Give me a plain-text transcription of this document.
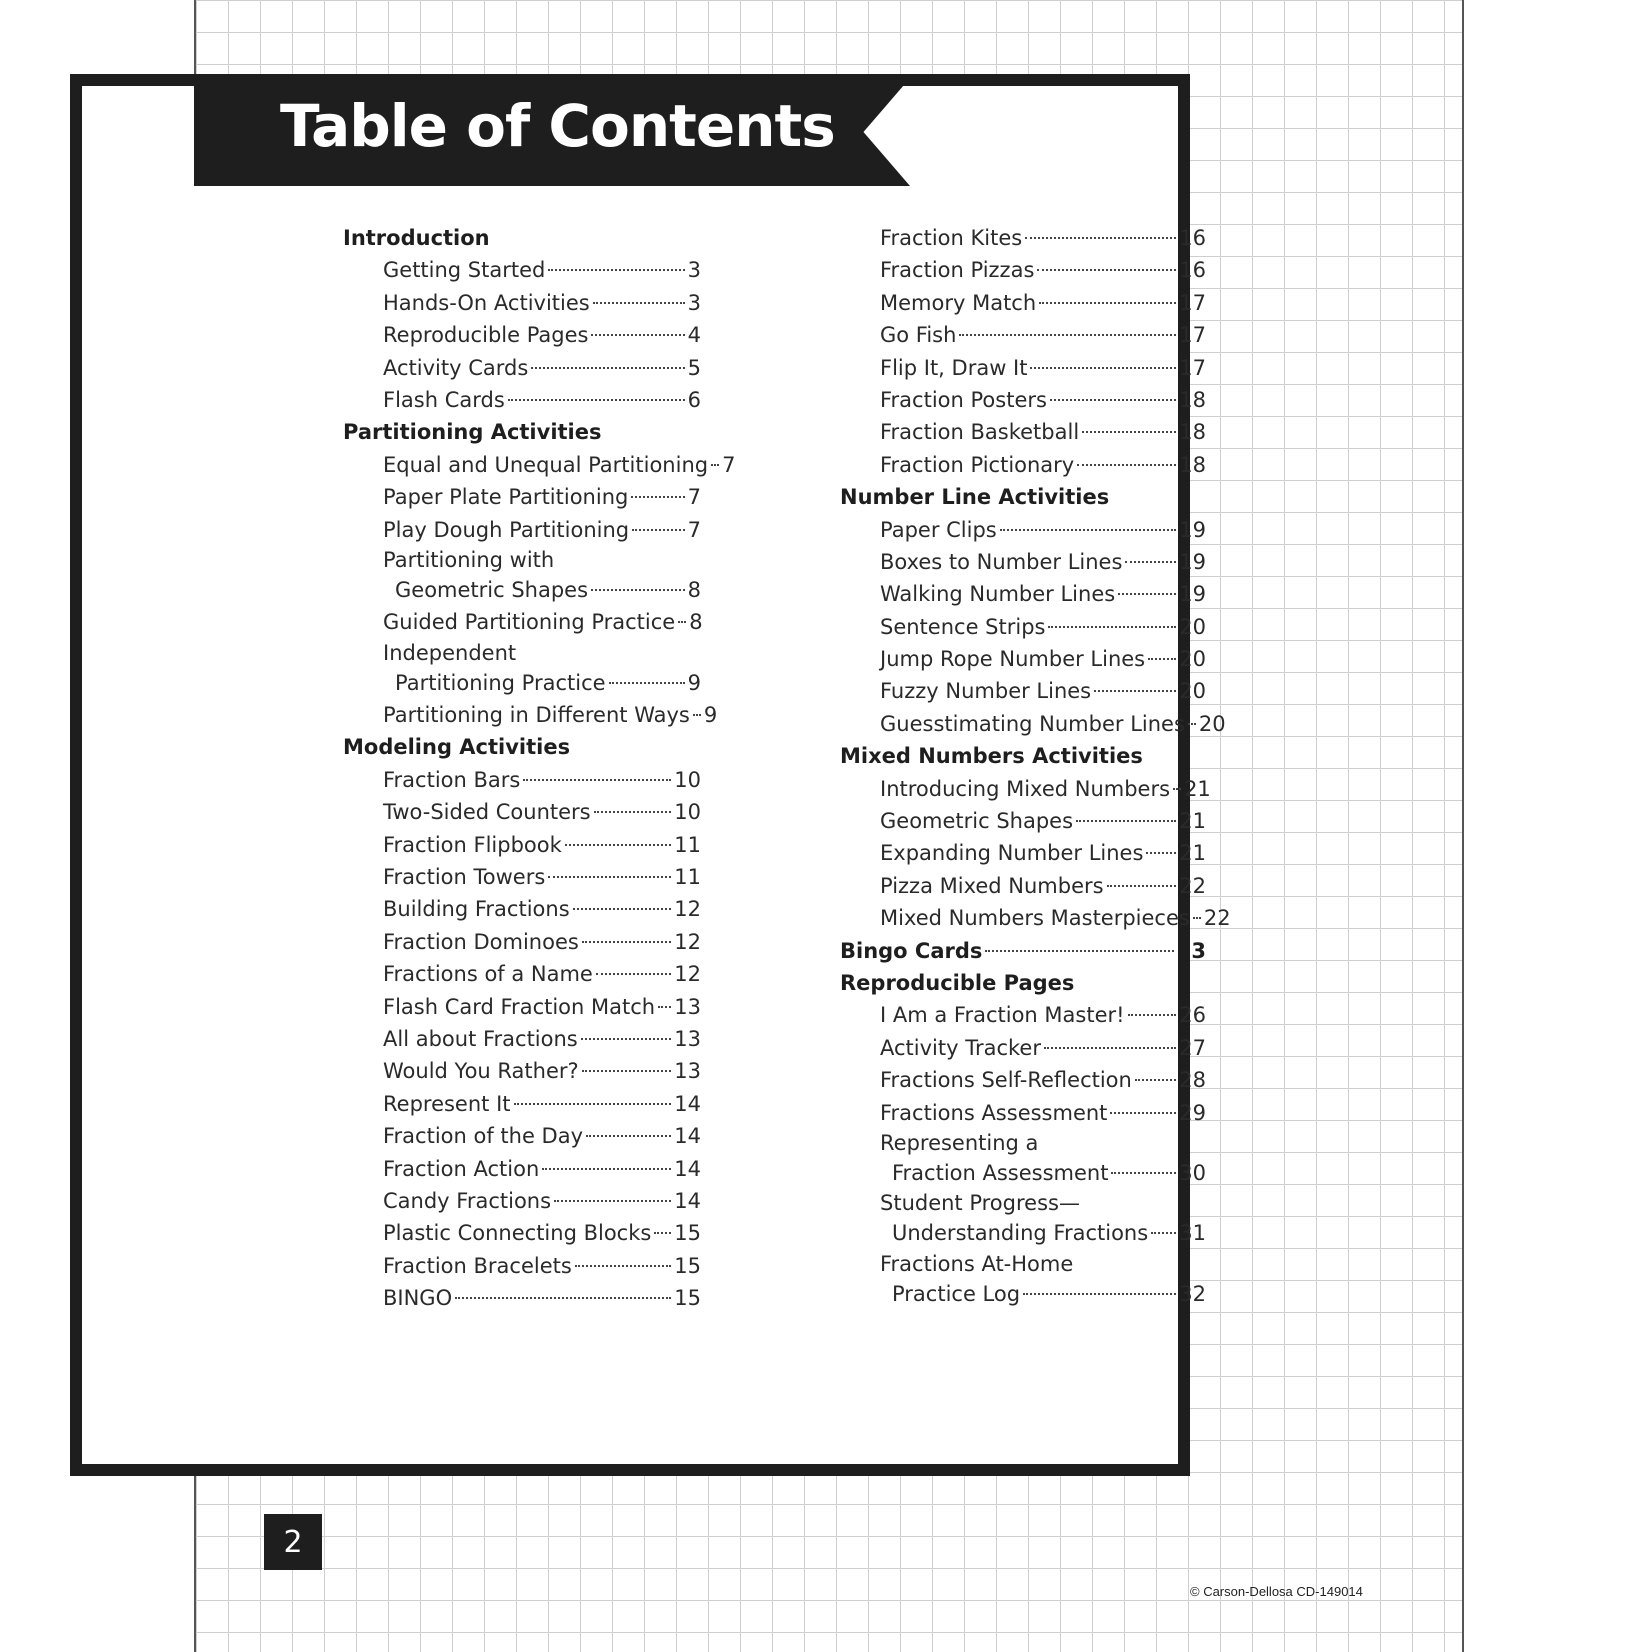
Table of Contents
Introduction
Getting Started	3
Hands-On Activities	3
Reproducible Pages	4
Activity Cards	5
Flash Cards	6
Partitioning Activities
Equal and Unequal Partitioning 7
Paper Plate Partitioning	7
Play Dough Partitioning	7
Partitioning with
Geometric Shapes	8
Guided Partitioning Practice 8
Independent
Partitioning Practice	9
Partitioning in Different Ways 9
Modeling Activities
Fraction Bars	10
Two-Sided Counters	10
Fraction Flipbook	11
Fraction Towers	11
Building Fractions	12
Fraction Dominoes	12
Fractions of a Name	12
Flash Card Fraction Match 13
All about Fractions	13
Would You Rather?	13
Represent It	14
Fraction of the Day	14
Fraction Action	14
Candy Fractions	14
Plastic Connecting Blocks 15
Fraction Bracelets	15
BINGO	15
Fraction Kites	16
Fraction Pizzas	16
Memory Match	17
Go Fish	17
Flip It, Draw It	17
Fraction Posters	18
Fraction Basketball	18
Fraction Pictionary	18
Number Line Activities
Paper Clips	19
Boxes to Number Lines	19
Walking Number Lines	19
Sentence Strips	20
Jump Rope Number Lines 20
Fuzzy Number Lines	20
Guesstimating Number Lines 20
Mixed Numbers Activities
Introducing Mixed Numbers 21
Geometric Shapes	21
Expanding Number Lines 21
Pizza Mixed Numbers	22
Mixed Numbers Masterpieces 22
Bingo Cards	23
Reproducible Pages
I Am a Fraction Master!	26
Activity Tracker	27
Fractions Self-Reflection 28
Fractions Assessment	29
Representing a
Fraction Assessment	30
Student Progress—
Understanding Fractions 31
Fractions At-Home
Practice Log	32
2
© Carson-Dellosa CD-149014
